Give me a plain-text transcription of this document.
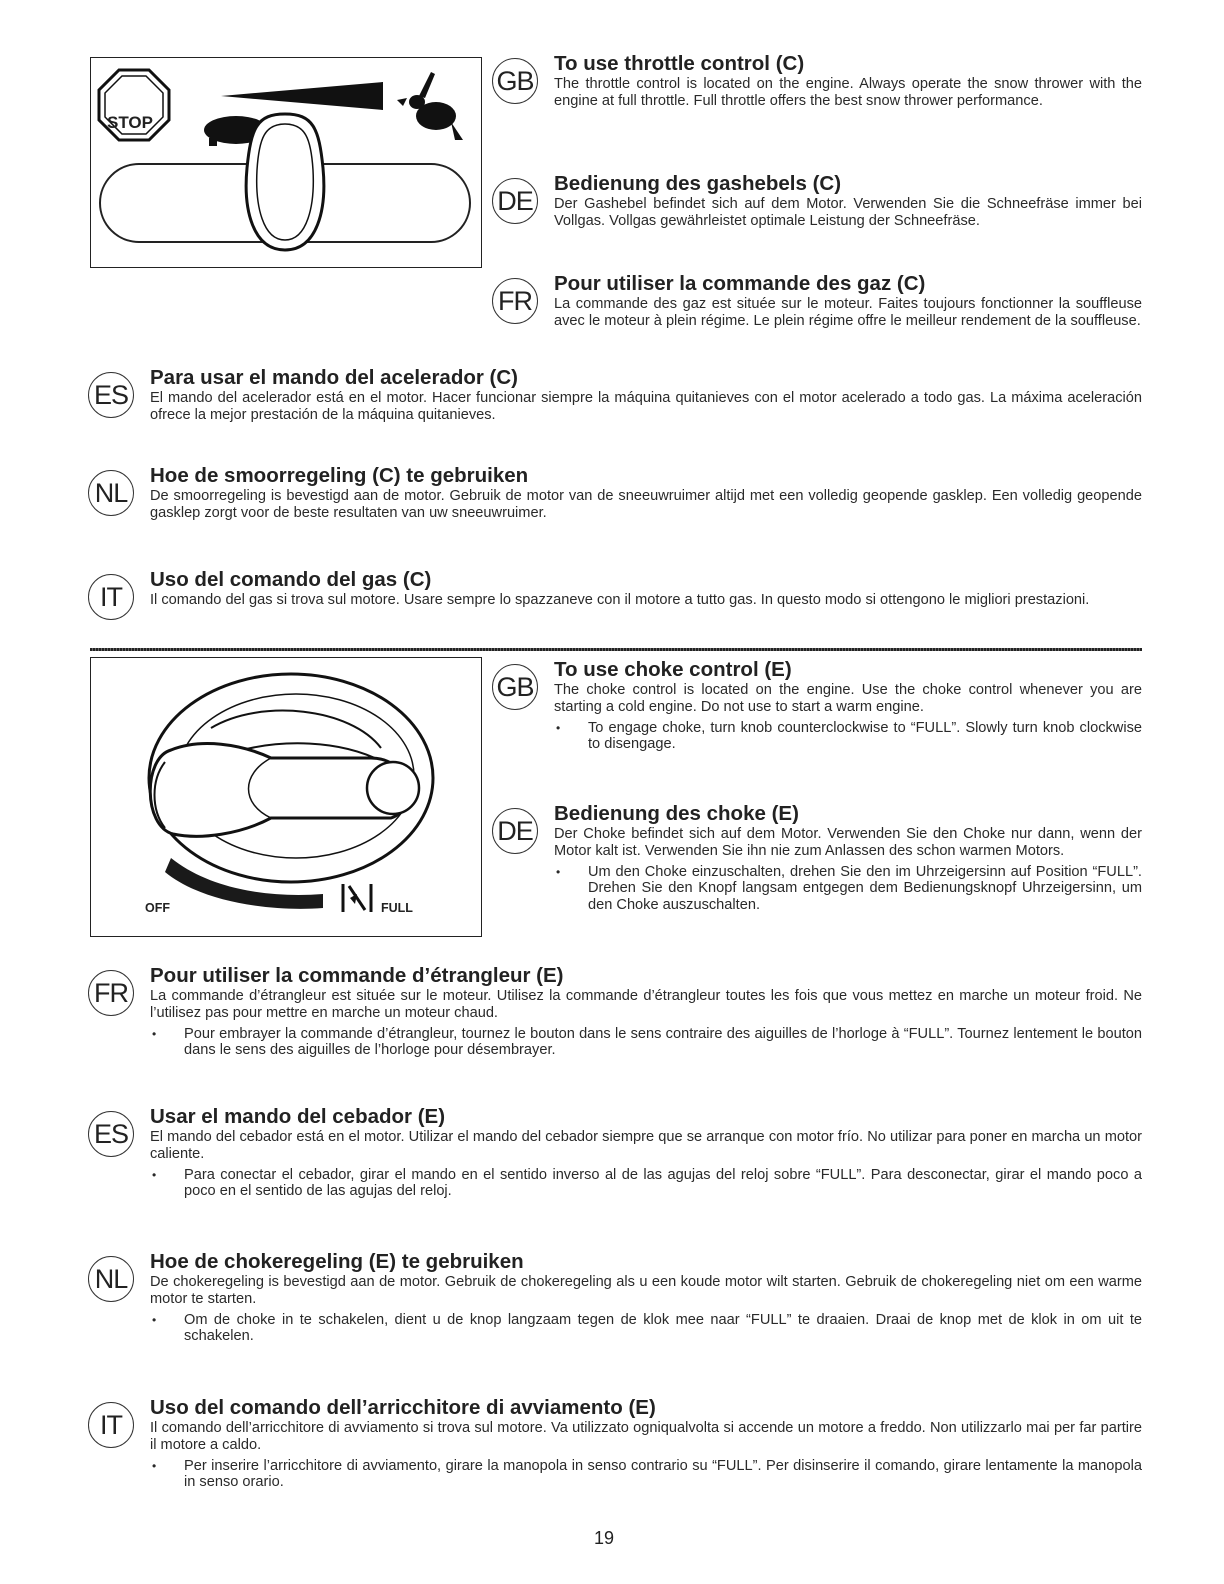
STOP
GB
To use throttle control (C)

The throttle control is located on the engine. Always operate the snow thrower with the engine at full throttle. Full throttle offers the best snow thrower performance.

DE
Bedienung des gashebels (C)

Der Gashebel befindet sich auf dem Motor. Verwenden Sie die Schneefräse immer bei Vollgas. Vollgas gewährleistet optimale Leistung der Schneefräse.

FR
Pour utiliser la commande des gaz (C)

La commande des gaz est située sur le moteur. Faites toujours fonctionner la souffleuse avec le moteur à plein régime. Le plein régime offre le meilleur rendement de la souffleuse.

ES
Para usar el mando del acelerador (C)

El mando del acelerador está en el motor. Hacer funcionar siempre la máquina quitanieves con el motor acelerado a todo gas. La máxima aceleración ofrece la mejor prestación de la máquina quitanieves.

NL
Hoe de smoorregeling (C) te gebruiken

De smoorregeling is bevestigd aan de motor. Gebruik de motor van de sneeuwruimer altijd met een volledig geopende gasklep. Een volledig geopende gasklep zorgt voor de beste resultaten van uw sneeuwruimer.

IT
Uso del comando del gas (C)

Il comando del gas si trova sul motore. Usare sempre lo spazzaneve con il motore a tutto gas. In questo modo si ottengono le migliori prestazioni.

OFF	FULL
GB
To use choke control (E)

The choke control is located on the engine. Use the choke control whenever you are starting a cold engine. Do not use to start a warm engine.

• To engage choke, turn knob counterclockwise to “FULL”. Slowly turn knob clockwise to disengage.
DE
Bedienung des choke (E)

Der Choke befindet sich auf dem Motor. Verwenden Sie den Choke nur dann, wenn der Motor kalt ist. Verwenden Sie ihn nie zum Anlassen des schon warmen Motors.

• Um den Choke einzuschalten, drehen Sie den im Uhrzeigersinn auf Position “FULL”. Drehen Sie den Knopf langsam entgegen dem Bedienungsknopf Uhrzeigersinn, um den Choke auszuschalten.
FR
Pour utiliser la commande d’étrangleur (E)

La commande d’étrangleur est située sur le moteur. Utilisez la commande d’étrangleur toutes les fois que vous mettez en marche un moteur froid. Ne l’utilisez pas pour mettre en marche un moteur chaud.

• Pour embrayer la commande d’étrangleur, tournez le bouton dans le sens contraire des aiguilles de l’horloge à “FULL”. Tournez lentement le bouton dans le sens des aiguilles de l’horloge pour désembrayer.
ES
Usar el mando del cebador (E)

El mando del cebador está en el motor. Utilizar el mando del cebador siempre que se arranque con motor frío. No utilizar para poner en marcha un motor caliente.

• Para conectar el cebador, girar el mando en el sentido inverso al de las agujas del reloj sobre “FULL”. Para desconectar, girar el mando poco a poco en el sentido de las agujas del reloj.
NL
Hoe de chokeregeling (E) te gebruiken

De chokeregeling is bevestigd aan de motor. Gebruik de chokeregeling als u een koude motor wilt starten. Gebruik de chokeregeling niet om een warme motor te starten.

• Om de choke in te schakelen, dient u de knop langzaam tegen de klok mee naar “FULL” te draaien. Draai de knop met de klok in om uit te schakelen.
IT
Uso del comando dell’arricchitore di avviamento (E)

Il comando dell’arricchitore di avviamento si trova sul motore. Va utilizzato ogniqualvolta si accende un motore a freddo. Non utilizzarlo mai per far partire il motore a caldo.

• Per inserire l’arricchitore di avviamento, girare la manopola in senso contrario su “FULL”. Per disinserire il comando, girare lentamente la manopola in senso orario.
19
